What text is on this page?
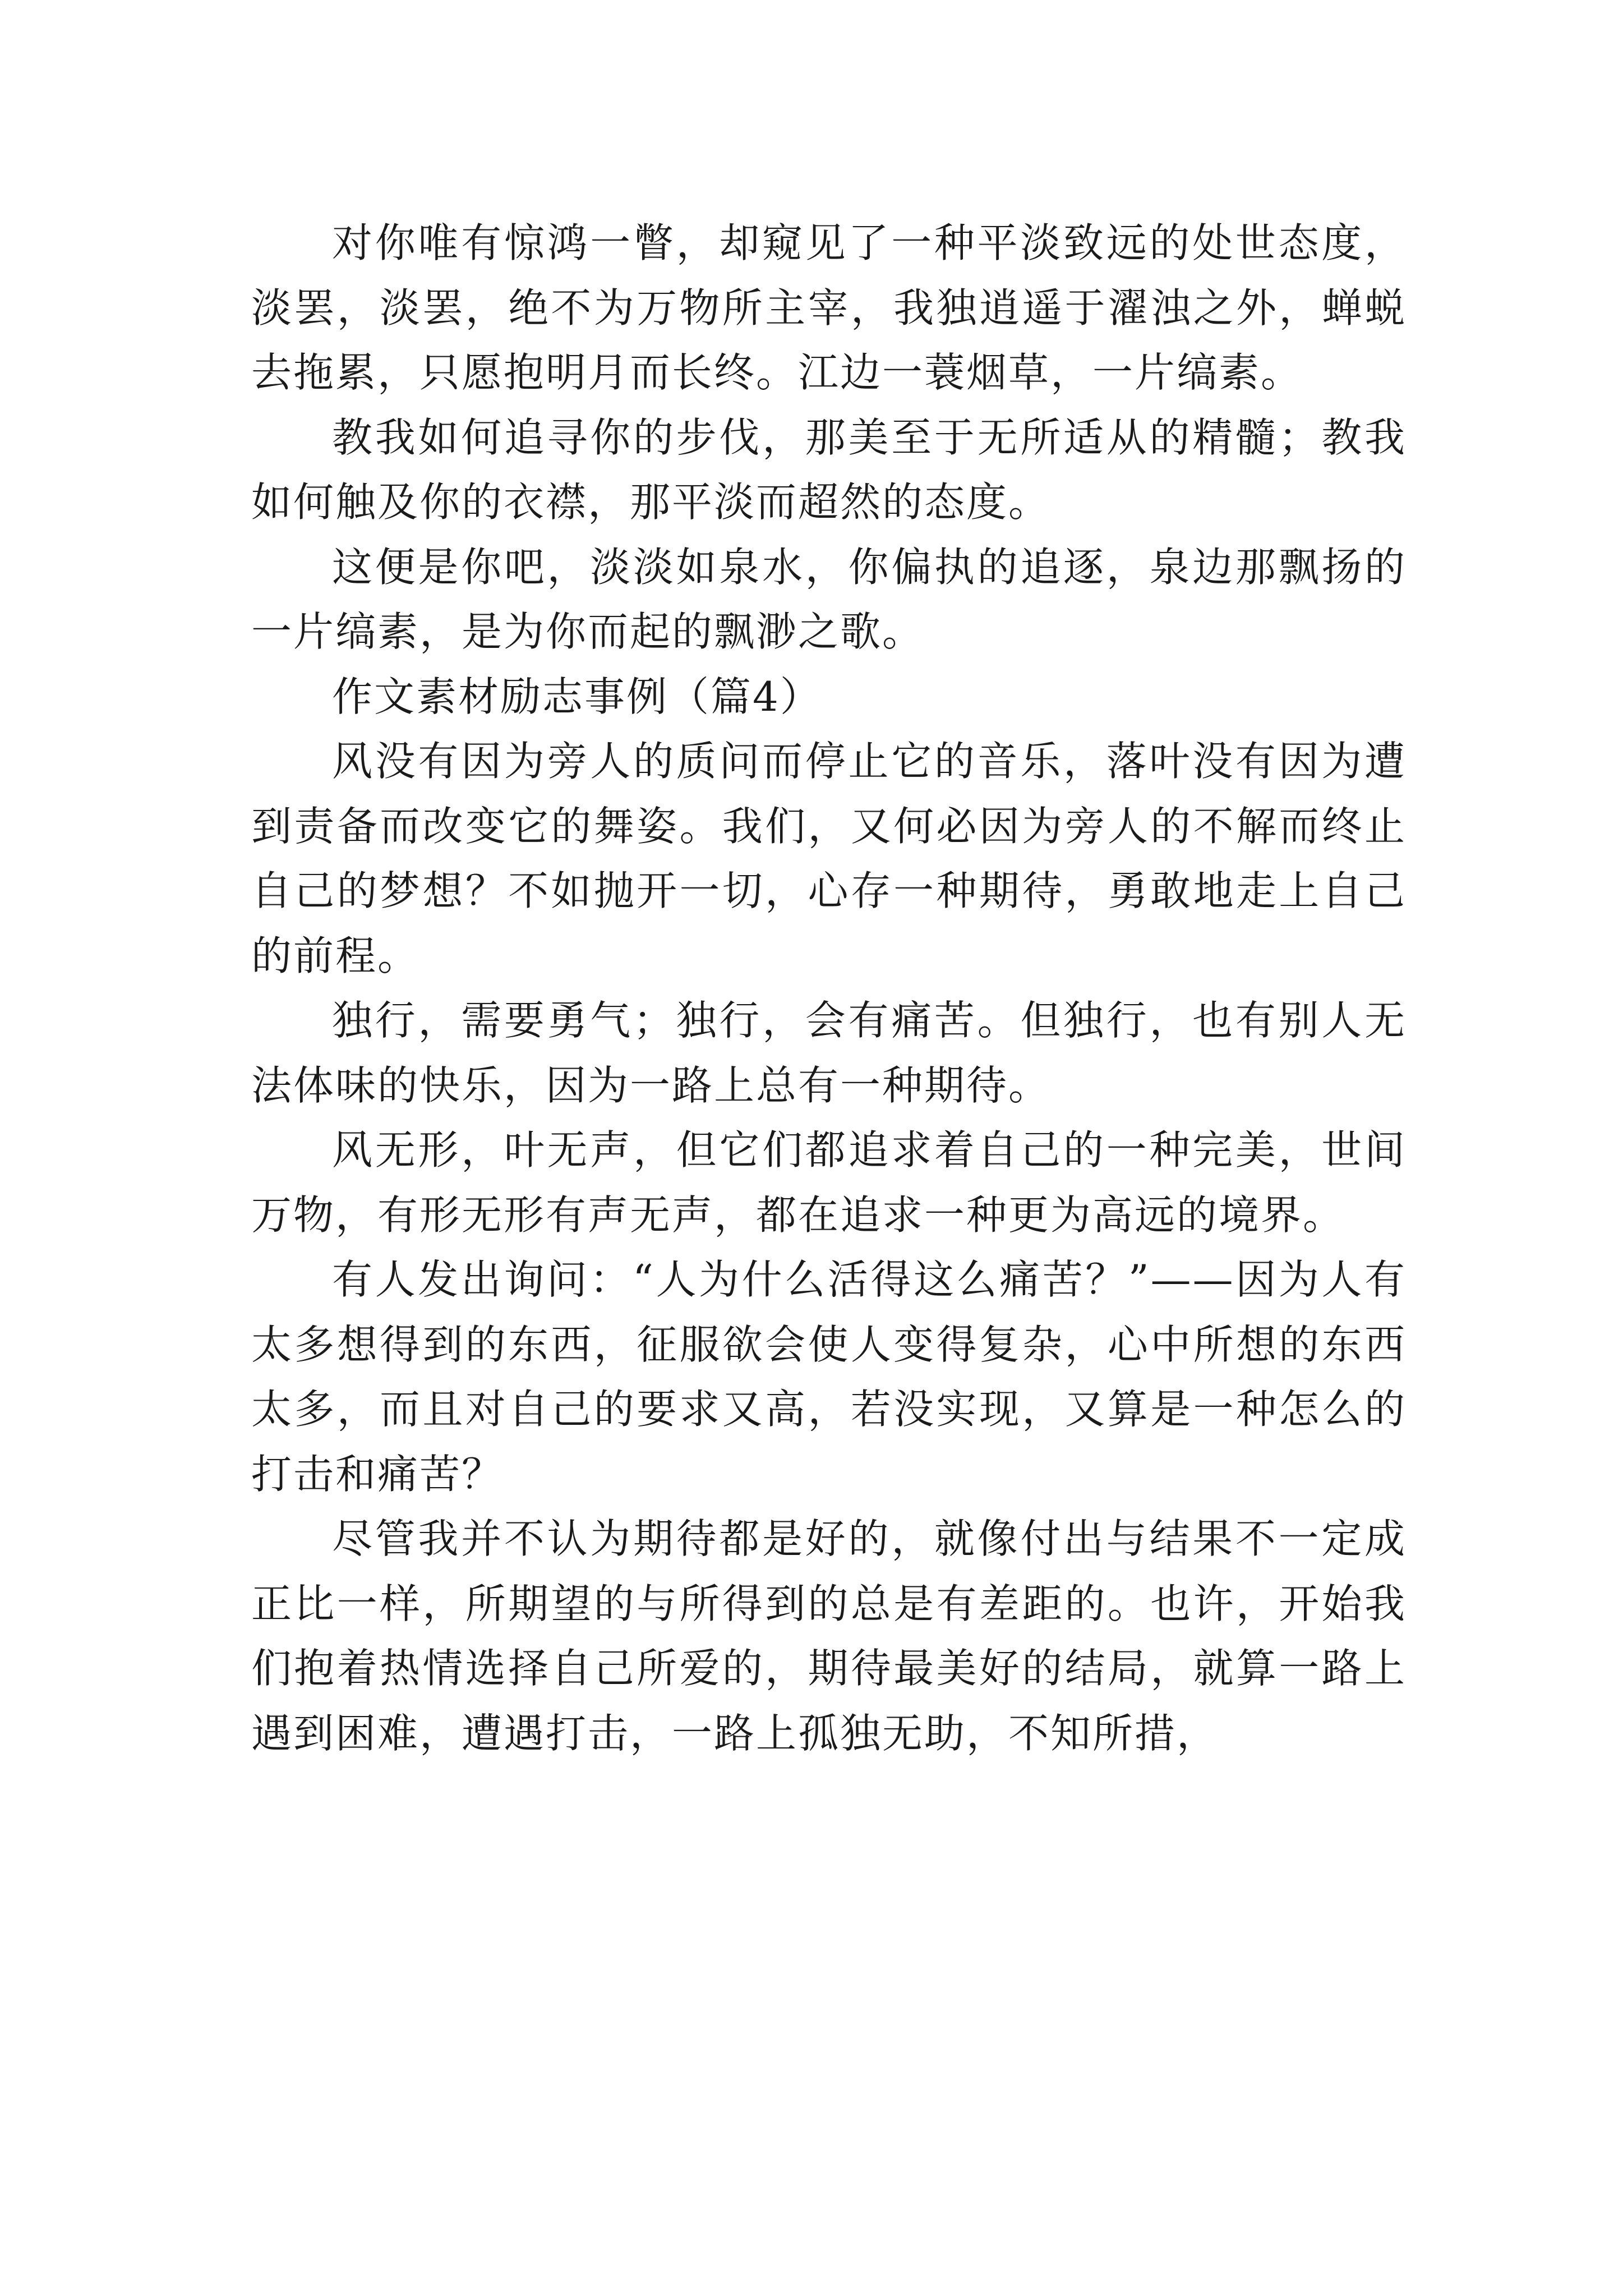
对你唯有惊鸿一瞥，却窥见了一种平淡致远的处世态度，淡罢，淡罢，绝不为万物所主宰，我独逍遥于濯浊之外，蝉蜕去拖累，只愿抱明月而长终。江边一蓑烟草，一片缟素。

教我如何追寻你的步伐，那美至于无所适从的精髓；教我如何触及你的衣襟，那平淡而超然的态度。

这便是你吧，淡淡如泉水，你偏执的追逐，泉边那飘扬的一片缟素，是为你而起的飘渺之歌。

作文素材励志事例（篇4）

风没有因为旁人的质问而停止它的音乐，落叶没有因为遭到责备而改变它的舞姿。我们，又何必因为旁人的不解而终止自己的梦想？不如抛开一切，心存一种期待，勇敢地走上自己的前程。

独行，需要勇气；独行，会有痛苦。但独行，也有别人无法体味的快乐，因为一路上总有一种期待。

风无形，叶无声，但它们都追求着自己的一种完美，世间万物，有形无形有声无声，都在追求一种更为高远的境界。

有人发出询问：“人为什么活得这么痛苦？”——因为人有太多想得到的东西，征服欲会使人变得复杂，心中所想的东西太多，而且对自己的要求又高，若没实现，又算是一种怎么的打击和痛苦？

尽管我并不认为期待都是好的，就像付出与结果不一定成正比一样，所期望的与所得到的总是有差距的。也许，开始我们抱着热情选择自己所爱的，期待最美好的结局，就算一路上遇到困难，遭遇打击，一路上孤独无助，不知所措，
